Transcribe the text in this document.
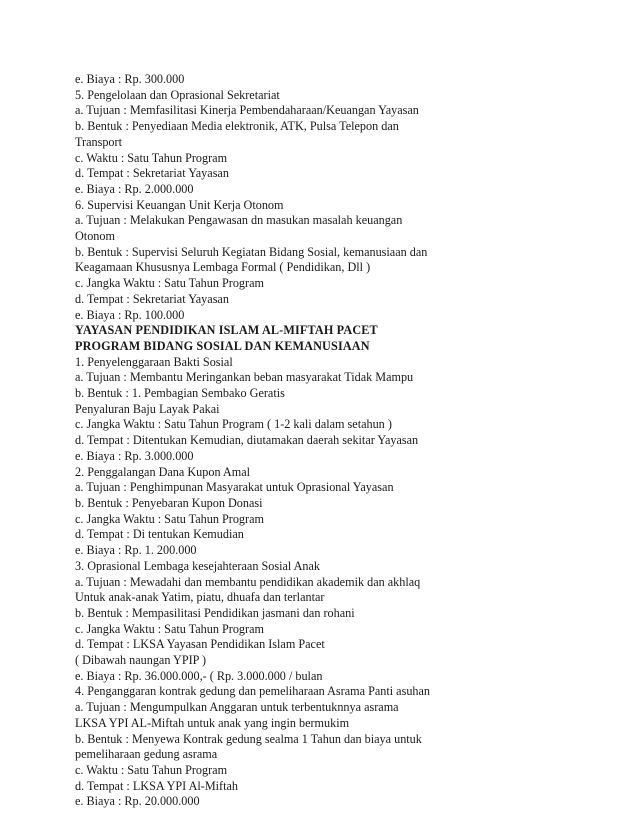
e. Biaya : Rp. 300.000
5. Pengelolaan dan Oprasional Sekretariat
a. Tujuan : Memfasilitasi Kinerja Pembendaharaan/Keuangan Yayasan
b. Bentuk : Penyediaan Media elektronik, ATK, Pulsa Telepon dan
Transport
c. Waktu : Satu Tahun Program
d. Tempat : Sekretariat Yayasan
e. Biaya : Rp. 2.000.000
6. Supervisi Keuangan Unit Kerja Otonom
a. Tujuan : Melakukan Pengawasan dn masukan masalah keuangan
Otonom
b. Bentuk : Supervisi Seluruh Kegiatan Bidang Sosial, kemanusiaan dan
Keagamaan Khususnya Lembaga Formal ( Pendidikan, Dll )
c. Jangka Waktu : Satu Tahun Program
d. Tempat : Sekretariat Yayasan
e. Biaya : Rp. 100.000
YAYASAN PENDIDIKAN ISLAM AL-MIFTAH PACET
PROGRAM BIDANG SOSIAL DAN KEMANUSIAAN
1. Penyelenggaraan Bakti Sosial
a. Tujuan : Membantu Meringankan beban masyarakat Tidak Mampu
b. Bentuk : 1. Pembagian Sembako Geratis
Penyaluran Baju Layak Pakai
c. Jangka Waktu : Satu Tahun Program ( 1-2 kali dalam setahun )
d. Tempat : Ditentukan Kemudian, diutamakan daerah sekitar Yayasan
e. Biaya : Rp. 3.000.000
2. Penggalangan Dana Kupon Amal
a. Tujuan : Penghimpunan Masyarakat untuk Oprasional Yayasan
b. Bentuk : Penyebaran Kupon Donasi
c. Jangka Waktu : Satu Tahun Program
d. Tempat : Di tentukan Kemudian
e. Biaya : Rp. 1. 200.000
3. Oprasional Lembaga kesejahteraan Sosial Anak
a. Tujuan : Mewadahi dan membantu pendidikan akademik dan akhlaq
Untuk anak-anak Yatim, piatu, dhuafa dan terlantar
b. Bentuk : Mempasilitasi Pendidikan jasmani dan rohani
c. Jangka Waktu : Satu Tahun Program
d. Tempat : LKSA Yayasan Pendidikan Islam Pacet
( Dibawah naungan YPIP )
e. Biaya : Rp. 36.000.000,- ( Rp. 3.000.000 / bulan
4. Penganggaran kontrak gedung dan pemeliharaan Asrama Panti asuhan
a. Tujuan : Mengumpulkan Anggaran untuk terbentuknnya asrama
LKSA YPI AL-Miftah untuk anak yang ingin bermukim
b. Bentuk : Menyewa Kontrak gedung sealma 1 Tahun dan biaya untuk
pemeliharaan gedung asrama
c. Waktu : Satu Tahun Program
d. Tempat : LKSA YPI Al-Miftah
e. Biaya : Rp. 20.000.000
